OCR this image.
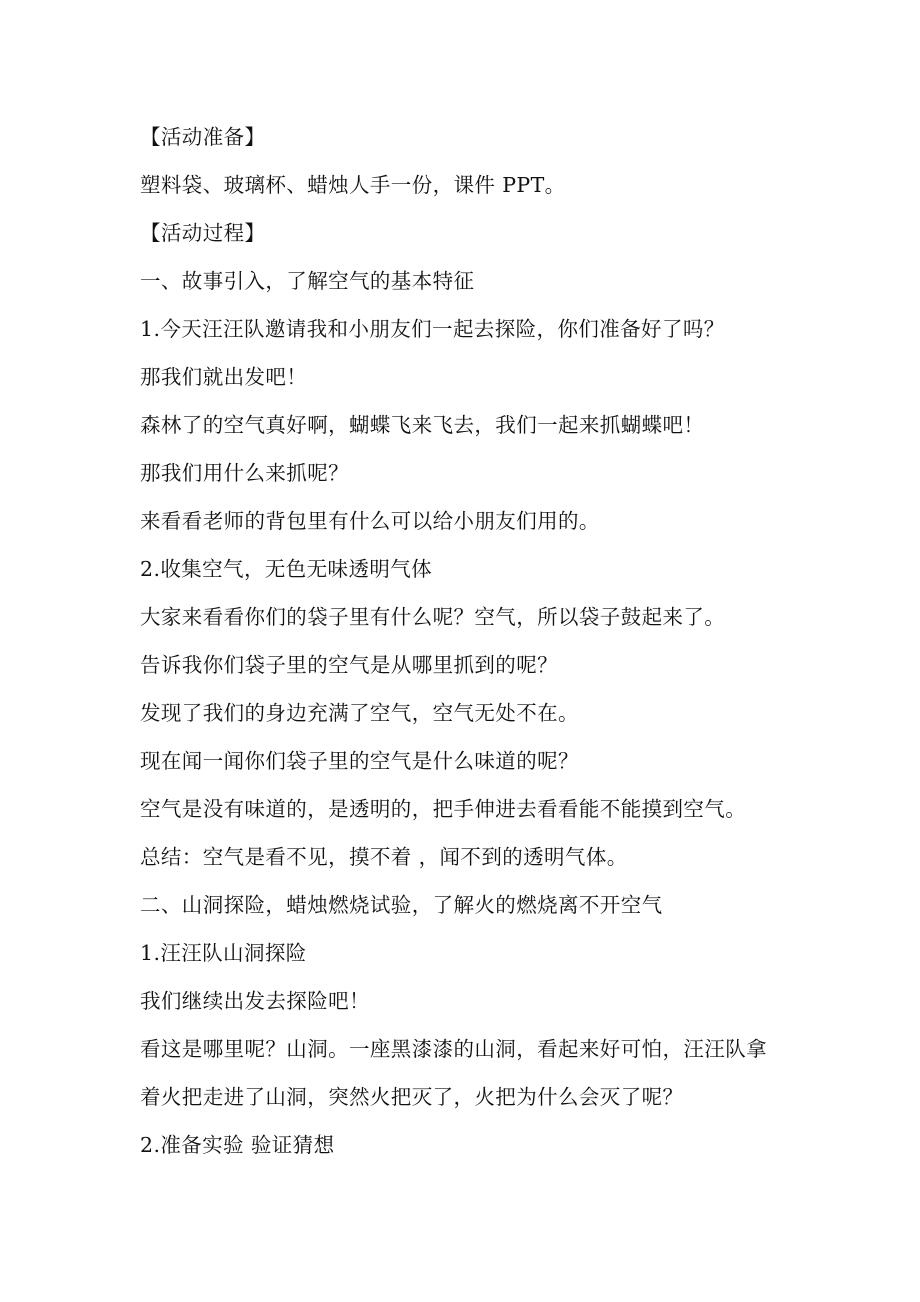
【活动准备】
塑料袋、玻璃杯、蜡烛人手一份，课件 PPT。
【活动过程】
一、故事引入，了解空气的基本特征
1.今天汪汪队邀请我和小朋友们一起去探险，你们准备好了吗？
那我们就出发吧！
森林了的空气真好啊，蝴蝶飞来飞去，我们一起来抓蝴蝶吧！
那我们用什么来抓呢？
来看看老师的背包里有什么可以给小朋友们用的。
2.收集空气，无色无味透明气体
大家来看看你们的袋子里有什么呢？空气，所以袋子鼓起来了。
告诉我你们袋子里的空气是从哪里抓到的呢？
发现了我们的身边充满了空气，空气无处不在。
现在闻一闻你们袋子里的空气是什么味道的呢？
空气是没有味道的，是透明的，把手伸进去看看能不能摸到空气。
总结：空气是看不见，摸不着 ，闻不到的透明气体。
二、山洞探险，蜡烛燃烧试验，了解火的燃烧离不开空气
1.汪汪队山洞探险
我们继续出发去探险吧！
看这是哪里呢？山洞。一座黑漆漆的山洞，看起来好可怕，汪汪队拿
着火把走进了山洞，突然火把灭了，火把为什么会灭了呢？
2.准备实验 验证猜想
